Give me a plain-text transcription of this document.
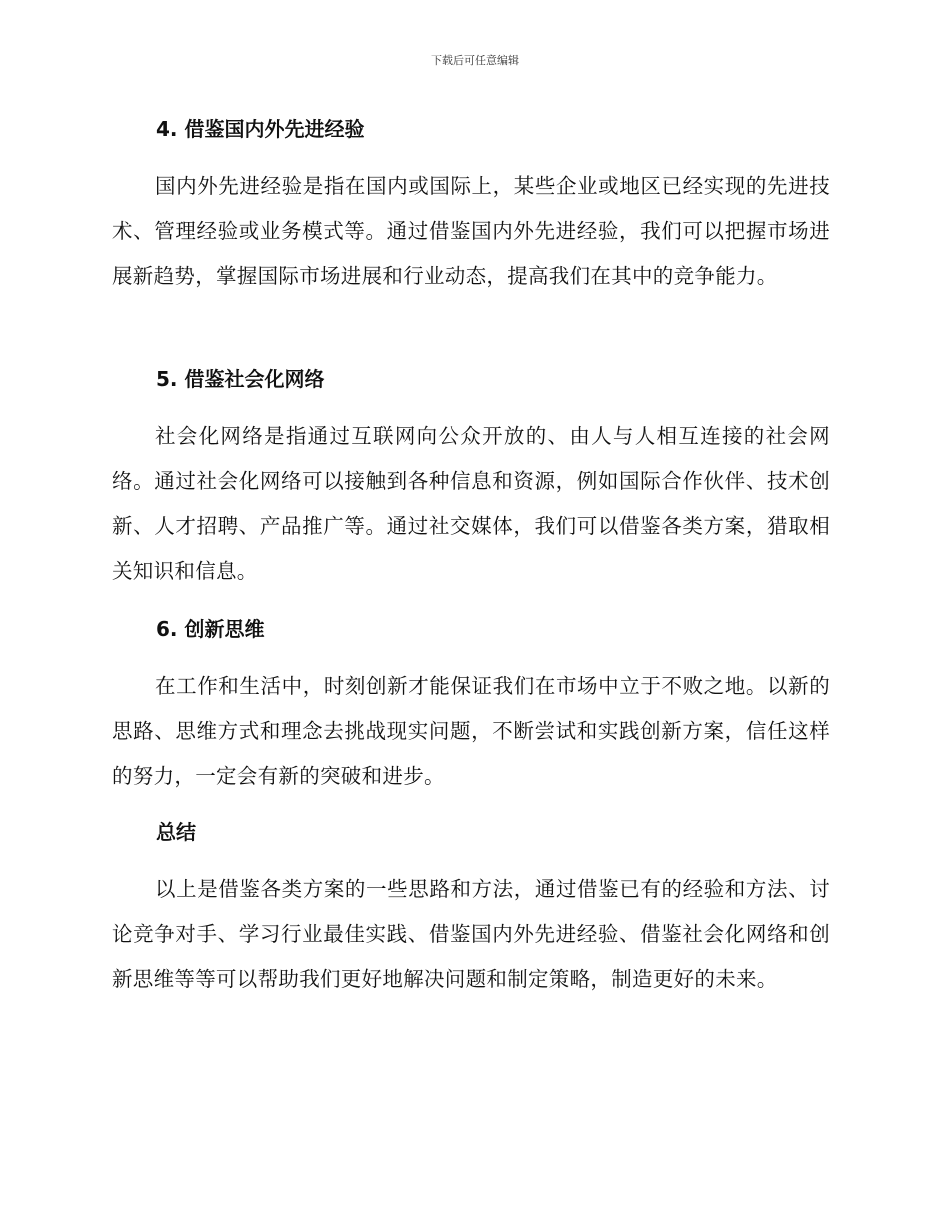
下载后可任意编辑
4. 借鉴国内外先进经验
国内外先进经验是指在国内或国际上，某些企业或地区已经实现的先进技术、管理经验或业务模式等。通过借鉴国内外先进经验，我们可以把握市场进展新趋势，掌握国际市场进展和行业动态，提高我们在其中的竞争能力。
5. 借鉴社会化网络
社会化网络是指通过互联网向公众开放的、由人与人相互连接的社会网络。通过社会化网络可以接触到各种信息和资源，例如国际合作伙伴、技术创新、人才招聘、产品推广等。通过社交媒体，我们可以借鉴各类方案，猎取相关知识和信息。
6. 创新思维
在工作和生活中，时刻创新才能保证我们在市场中立于不败之地。以新的思路、思维方式和理念去挑战现实问题，不断尝试和实践创新方案，信任这样的努力，一定会有新的突破和进步。
总结
以上是借鉴各类方案的一些思路和方法，通过借鉴已有的经验和方法、讨论竞争对手、学习行业最佳实践、借鉴国内外先进经验、借鉴社会化网络和创新思维等等可以帮助我们更好地解决问题和制定策略，制造更好的未来。
